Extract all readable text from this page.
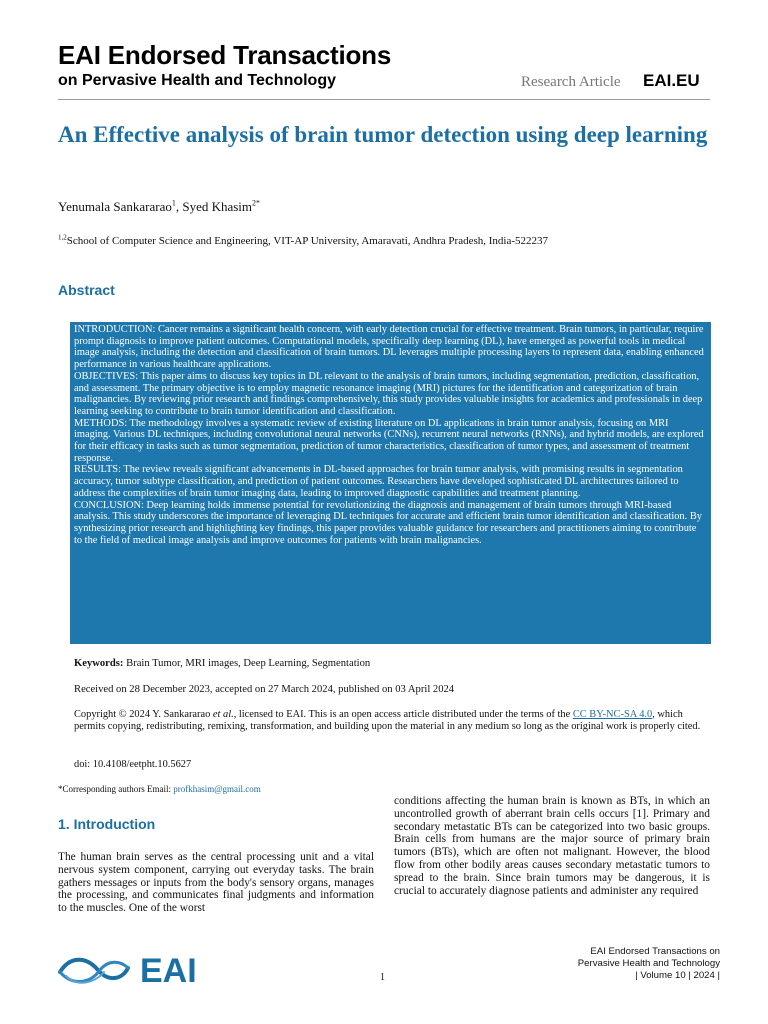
EAI Endorsed Transactions
on Pervasive Health and Technology	Research Article EAI.EU
An Effective analysis of brain tumor detection using deep learning
Yenumala Sankararao$^1$, Syed Khasim$^{2*}$
$^{1,2}$School of Computer Science and Engineering, VIT-AP University, Amaravati, Andhra Pradesh, India-522237
Abstract

INTRODUCTION: Cancer remains a significant health concern, with early detection crucial for effective treatment. Brain tumors, in particular, require prompt diagnosis to improve patient outcomes. Computational models, specifically deep learning (DL), have emerged as powerful tools in medical image analysis, including the detection and classification of brain tumors. DL leverages multiple processing layers to represent data, enabling enhanced performance in various healthcare applications.

OBJECTIVES: This paper aims to discuss key topics in DL relevant to the analysis of brain tumors, including segmentation, prediction, classification, and assessment. The primary objective is to employ magnetic resonance imaging (MRI) pictures for the identification and categorization of brain malignancies. By reviewing prior research and findings comprehensively, this study provides valuable insights for academics and professionals in deep learning seeking to contribute to brain tumor identification and classification.

METHODS: The methodology involves a systematic review of existing literature on DL applications in brain tumor analysis, focusing on MRI imaging. Various DL techniques, including convolutional neural networks (CNNs), recurrent neural networks (RNNs), and hybrid models, are explored for their efficacy in tasks such as tumor segmentation, prediction of tumor characteristics, classification of tumor types, and assessment of treatment response.

RESULTS: The review reveals significant advancements in DL-based approaches for brain tumor analysis, with promising results in segmentation accuracy, tumor subtype classification, and prediction of patient outcomes. Researchers have developed sophisticated DL architectures tailored to address the complexities of brain tumor imaging data, leading to improved diagnostic capabilities and treatment planning.

CONCLUSION: Deep learning holds immense potential for revolutionizing the diagnosis and management of brain tumors through MRI-based analysis. This study underscores the importance of leveraging DL techniques for accurate and efficient brain tumor identification and classification. By synthesizing prior research and highlighting key findings, this paper provides valuable guidance for researchers and practitioners aiming to contribute to the field of medical image analysis and improve outcomes for patients with brain malignancies.

Keywords: Brain Tumor, MRI images, Deep Learning, Segmentation
Received on 28 December 2023, accepted on 27 March 2024, published on 03 April 2024
Copyright © 2024 Y. Sankararao et al., licensed to EAI. This is an open access article distributed under the terms of the CC BY-NC-SA 4.0, which permits copying, redistributing, remixing, transformation, and building upon the material in any medium so long as the original work is properly cited.
doi: 10.4108/eetpht.10.5627
*Corresponding authors Email: profkhasim@gmail.com
1. Introduction

The human brain serves as the central processing unit and a vital nervous system component, carrying out everyday tasks. The brain gathers messages or inputs from the body's sensory organs, manages the processing, and communicates final judgments and information to the muscles. One of the worst

conditions affecting the human brain is known as BTs, in which an uncontrolled growth of aberrant brain cells occurs [1]. Primary and secondary metastatic BTs can be categorized into two basic groups. Brain cells from humans are the major source of primary brain tumors (BTs), which are often not malignant. However, the blood flow from other bodily areas causes secondary metastatic tumors to spread to the brain. Since brain tumors may be dangerous, it is crucial to accurately diagnose patients and administer any required

EAI	1
EAI Endorsed Transactions on
Pervasive Health and Technology
| Volume 10 | 2024 |
